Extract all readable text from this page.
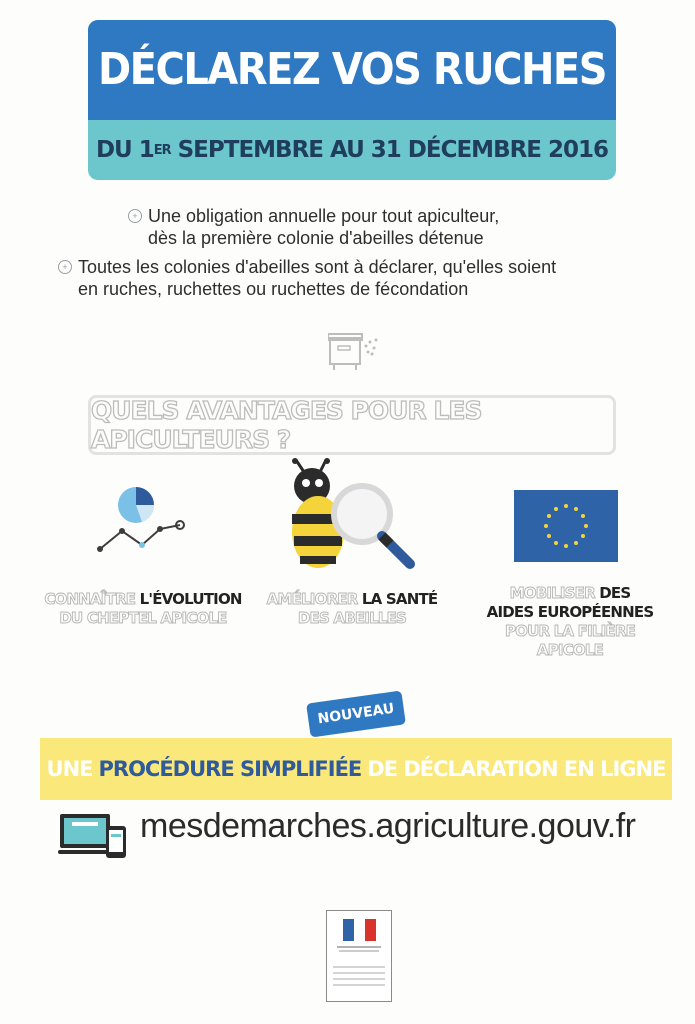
DÉCLAREZ VOS RUCHES
DU 1 ER SEPTEMBRE AU 31 DÉCEMBRE 2016
+ Une obligation annuelle pour tout apiculteur,
dès la première colonie d'abeilles détenue
+ Toutes les colonies d'abeilles sont à déclarer, qu'elles soient
en ruches, ruchettes ou ruchettes de fécondation
QUELS AVANTAGES POUR LES APICULTEURS ?
CONNAÎTRE L'ÉVOLUTION
DU CHEPTEL APICOLE
AMÉLIORER LA SANTÉ
DES ABEILLES
MOBILISER DES
AIDES EUROPÉENNES
POUR LA FILIÈRE APICOLE
NOUVEAU
UNE PROCÉDURE SIMPLIFIÉE DE DÉCLARATION EN LIGNE
mesdemarches.agriculture.gouv.fr
